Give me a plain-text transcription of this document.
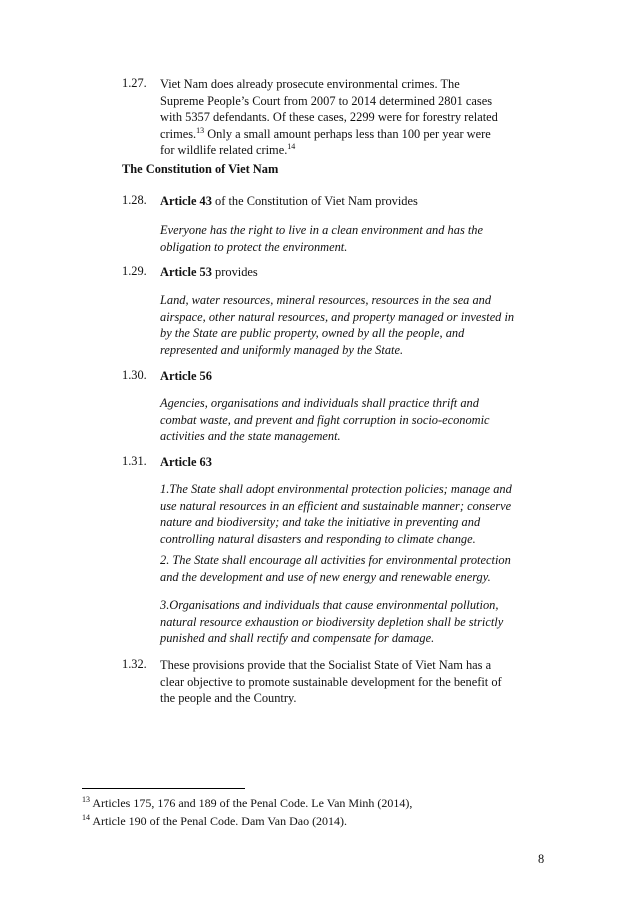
1.27. Viet Nam does already prosecute environmental crimes. The
Supreme People’s Court from 2007 to 2014 determined 2801 cases
with 5357 defendants. Of these cases, 2299 were for forestry related
crimes.$^{13}$ Only a small amount perhaps less than 100 per year were
for wildlife related crime.$^{14}$
The Constitution of Viet Nam
1.28. Article 43 of the Constitution of Viet Nam provides
Everyone has the right to live in a clean environment and has the
obligation to protect the environment.
1.29. Article 53 provides
Land, water resources, mineral resources, resources in the sea and
airspace, other natural resources, and property managed or invested in
by the State are public property, owned by all the people, and
represented and uniformly managed by the State.
1.30. Article 56
Agencies, organisations and individuals shall practice thrift and
combat waste, and prevent and fight corruption in socio-economic
activities and the state management.
1.31. Article 63
1.The State shall adopt environmental protection policies; manage and
use natural resources in an efficient and sustainable manner; conserve
nature and biodiversity; and take the initiative in preventing and
controlling natural disasters and responding to climate change.
2. The State shall encourage all activities for environmental protection
and the development and use of new energy and renewable energy.
3.Organisations and individuals that cause environmental pollution,
natural resource exhaustion or biodiversity depletion shall be strictly
punished and shall rectify and compensate for damage.
1.32. These provisions provide that the Socialist State of Viet Nam has a
clear objective to promote sustainable development for the benefit of
the people and the Country.
$^{13}$ Articles 175, 176 and 189 of the Penal Code. Le Van Minh (2014),
$^{14}$ Article 190 of the Penal Code. Dam Van Dao (2014).
8
